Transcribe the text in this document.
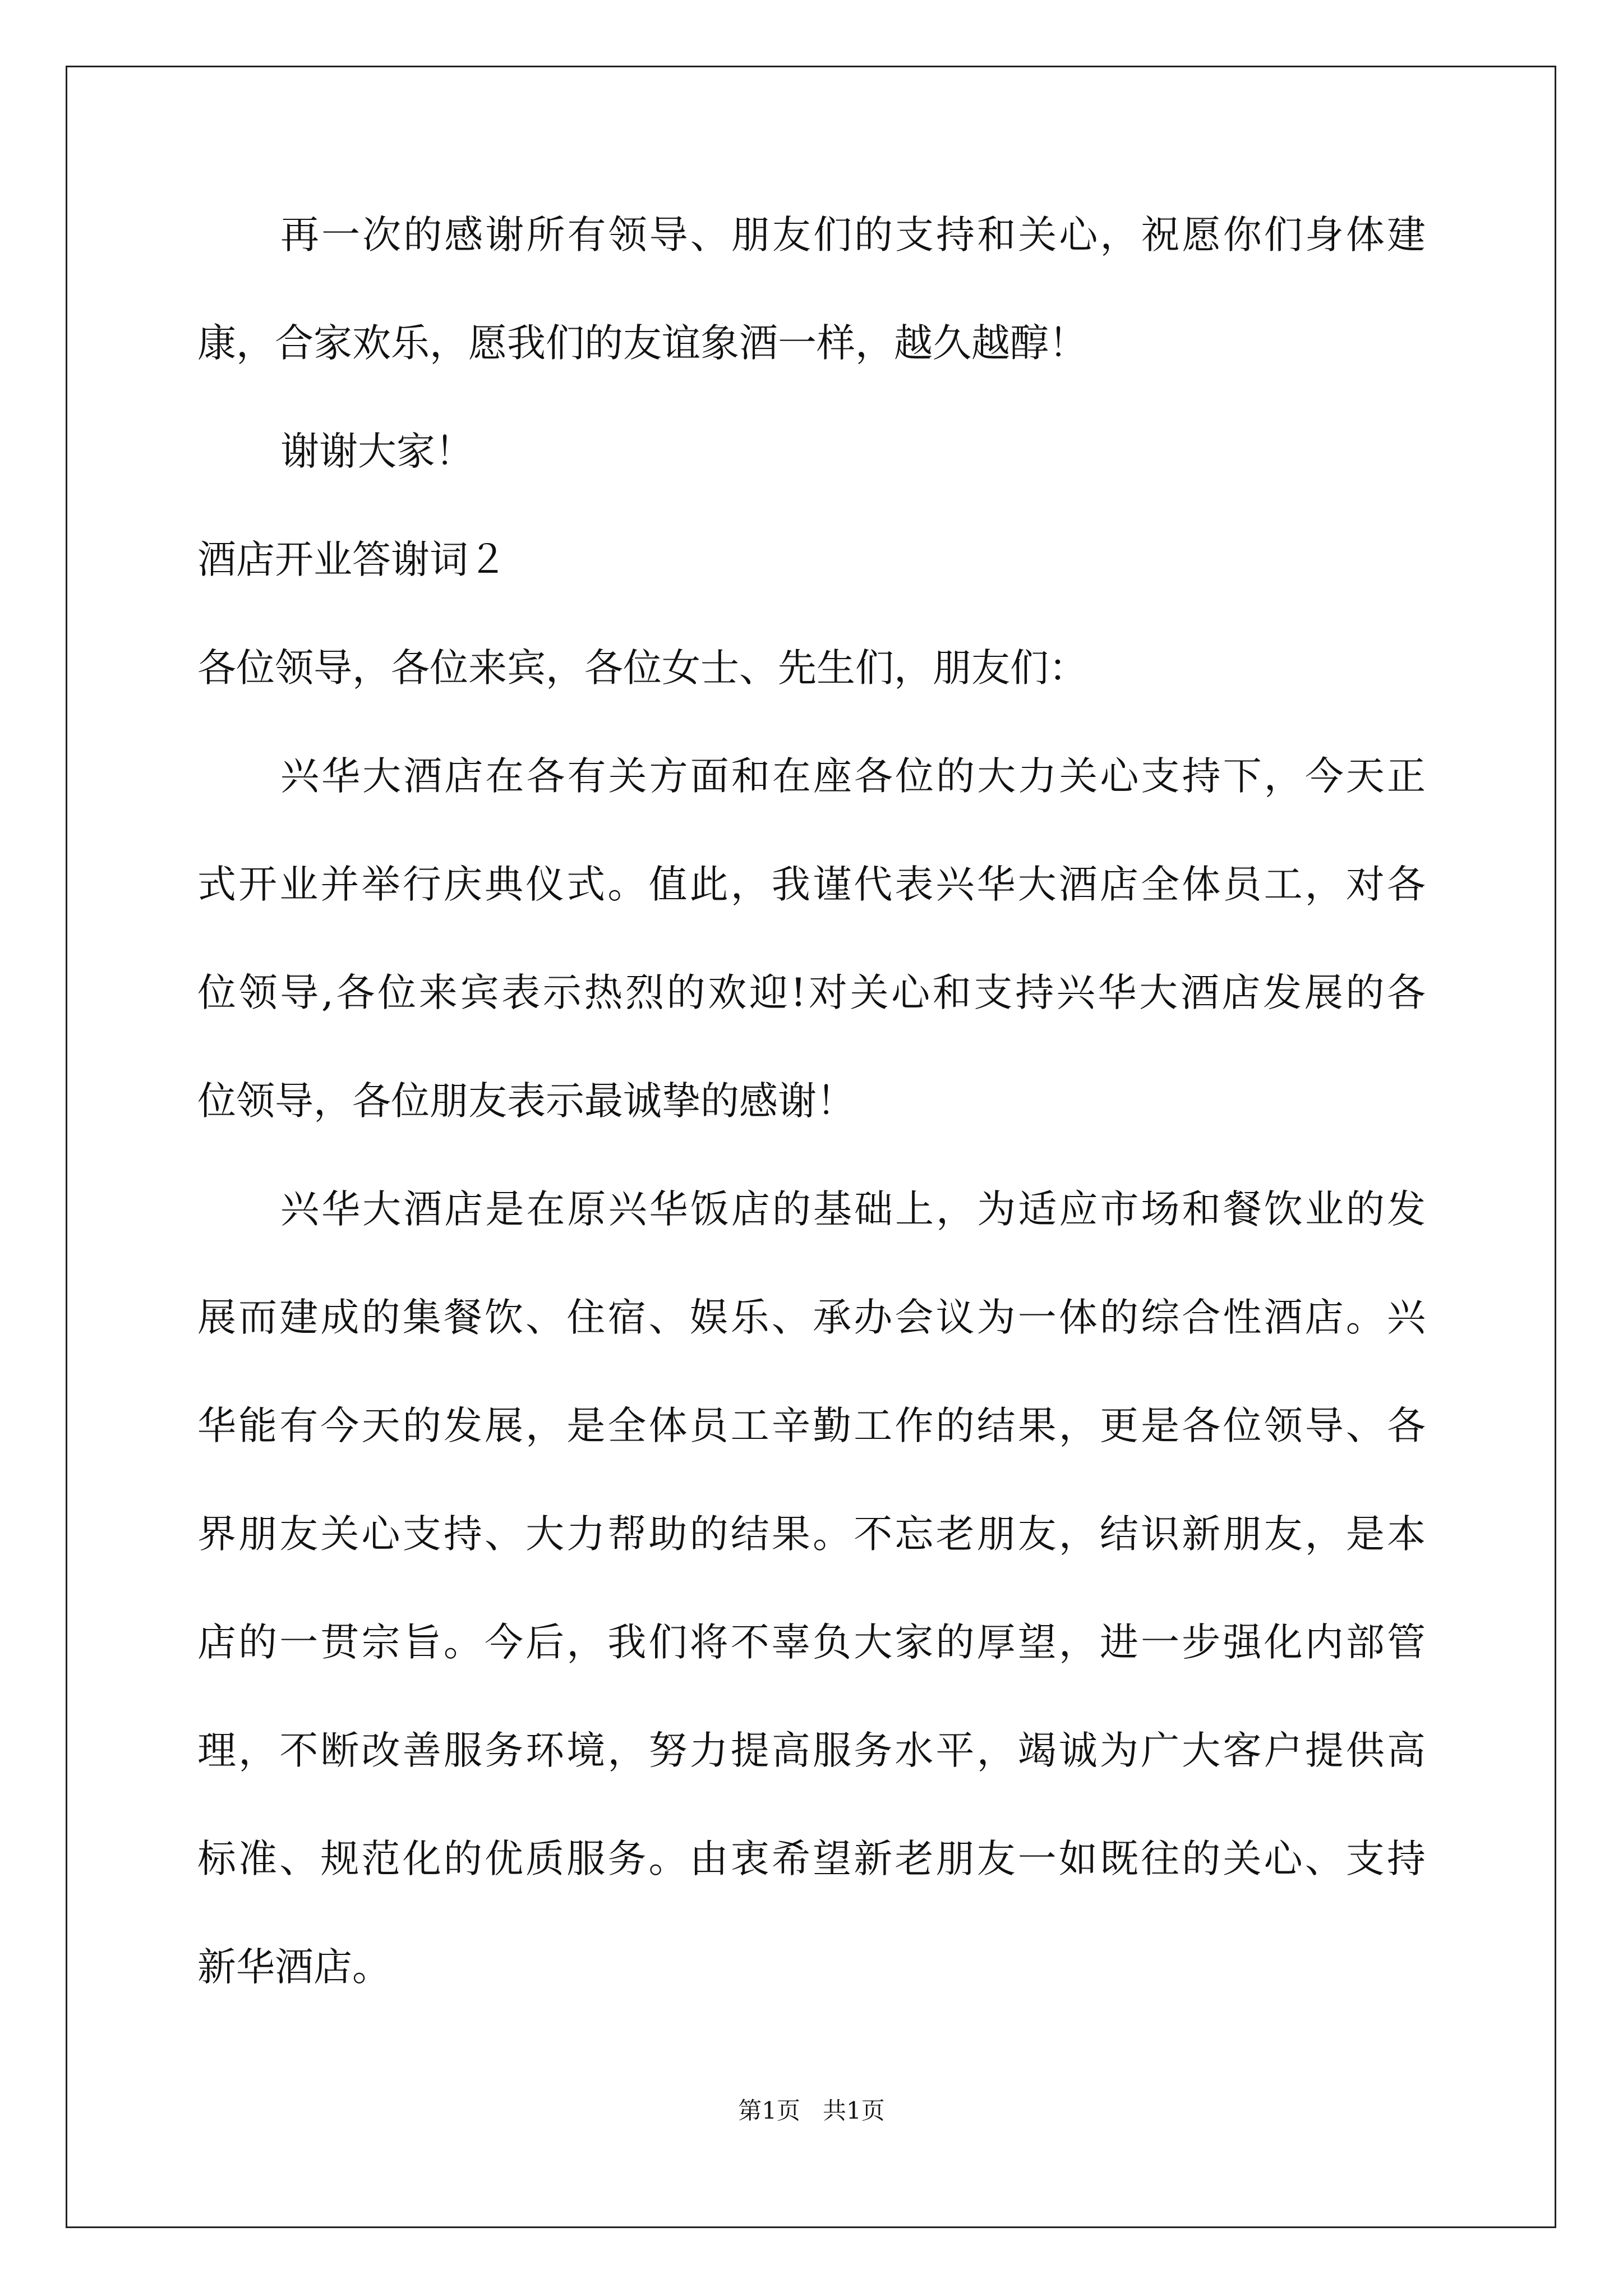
再一次的感谢所有领导、朋友们的支持和关心，祝愿你们身体建
康，合家欢乐，愿我们的友谊象酒一样，越久越醇！
谢谢大家！
酒店开业答谢词２
各位领导，各位来宾，各位女士、先生们，朋友们：
兴华大酒店在各有关方面和在座各位的大力关心支持下，今天正
式开业并举行庆典仪式。值此，我谨代表兴华大酒店全体员工，对各
位领导,各位来宾表示热烈的欢迎!对关心和支持兴华大酒店发展的各
位领导，各位朋友表示最诚挚的感谢！
兴华大酒店是在原兴华饭店的基础上，为适应市场和餐饮业的发
展而建成的集餐饮、住宿、娱乐、承办会议为一体的综合性酒店。兴
华能有今天的发展，是全体员工辛勤工作的结果，更是各位领导、各
界朋友关心支持、大力帮助的结果。不忘老朋友，结识新朋友，是本
店的一贯宗旨。今后，我们将不辜负大家的厚望，进一步强化内部管
理，不断改善服务环境，努力提高服务水平，竭诚为广大客户提供高
标准、规范化的优质服务。由衷希望新老朋友一如既往的关心、支持
新华酒店。
第1页   共1页
